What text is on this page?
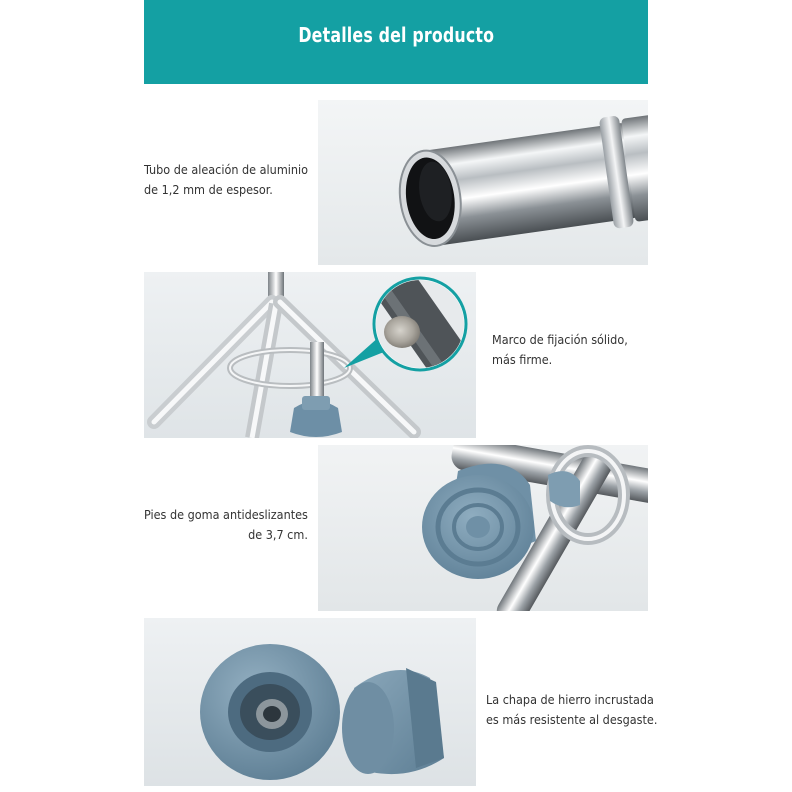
Detalles del producto
Tubo de aleación de aluminio
de 1,2 mm de espesor.
Marco de fijación sólido,
más firme.
Pies de goma antideslizantes
de 3,7 cm.
La chapa de hierro incrustada
es más resistente al desgaste.
